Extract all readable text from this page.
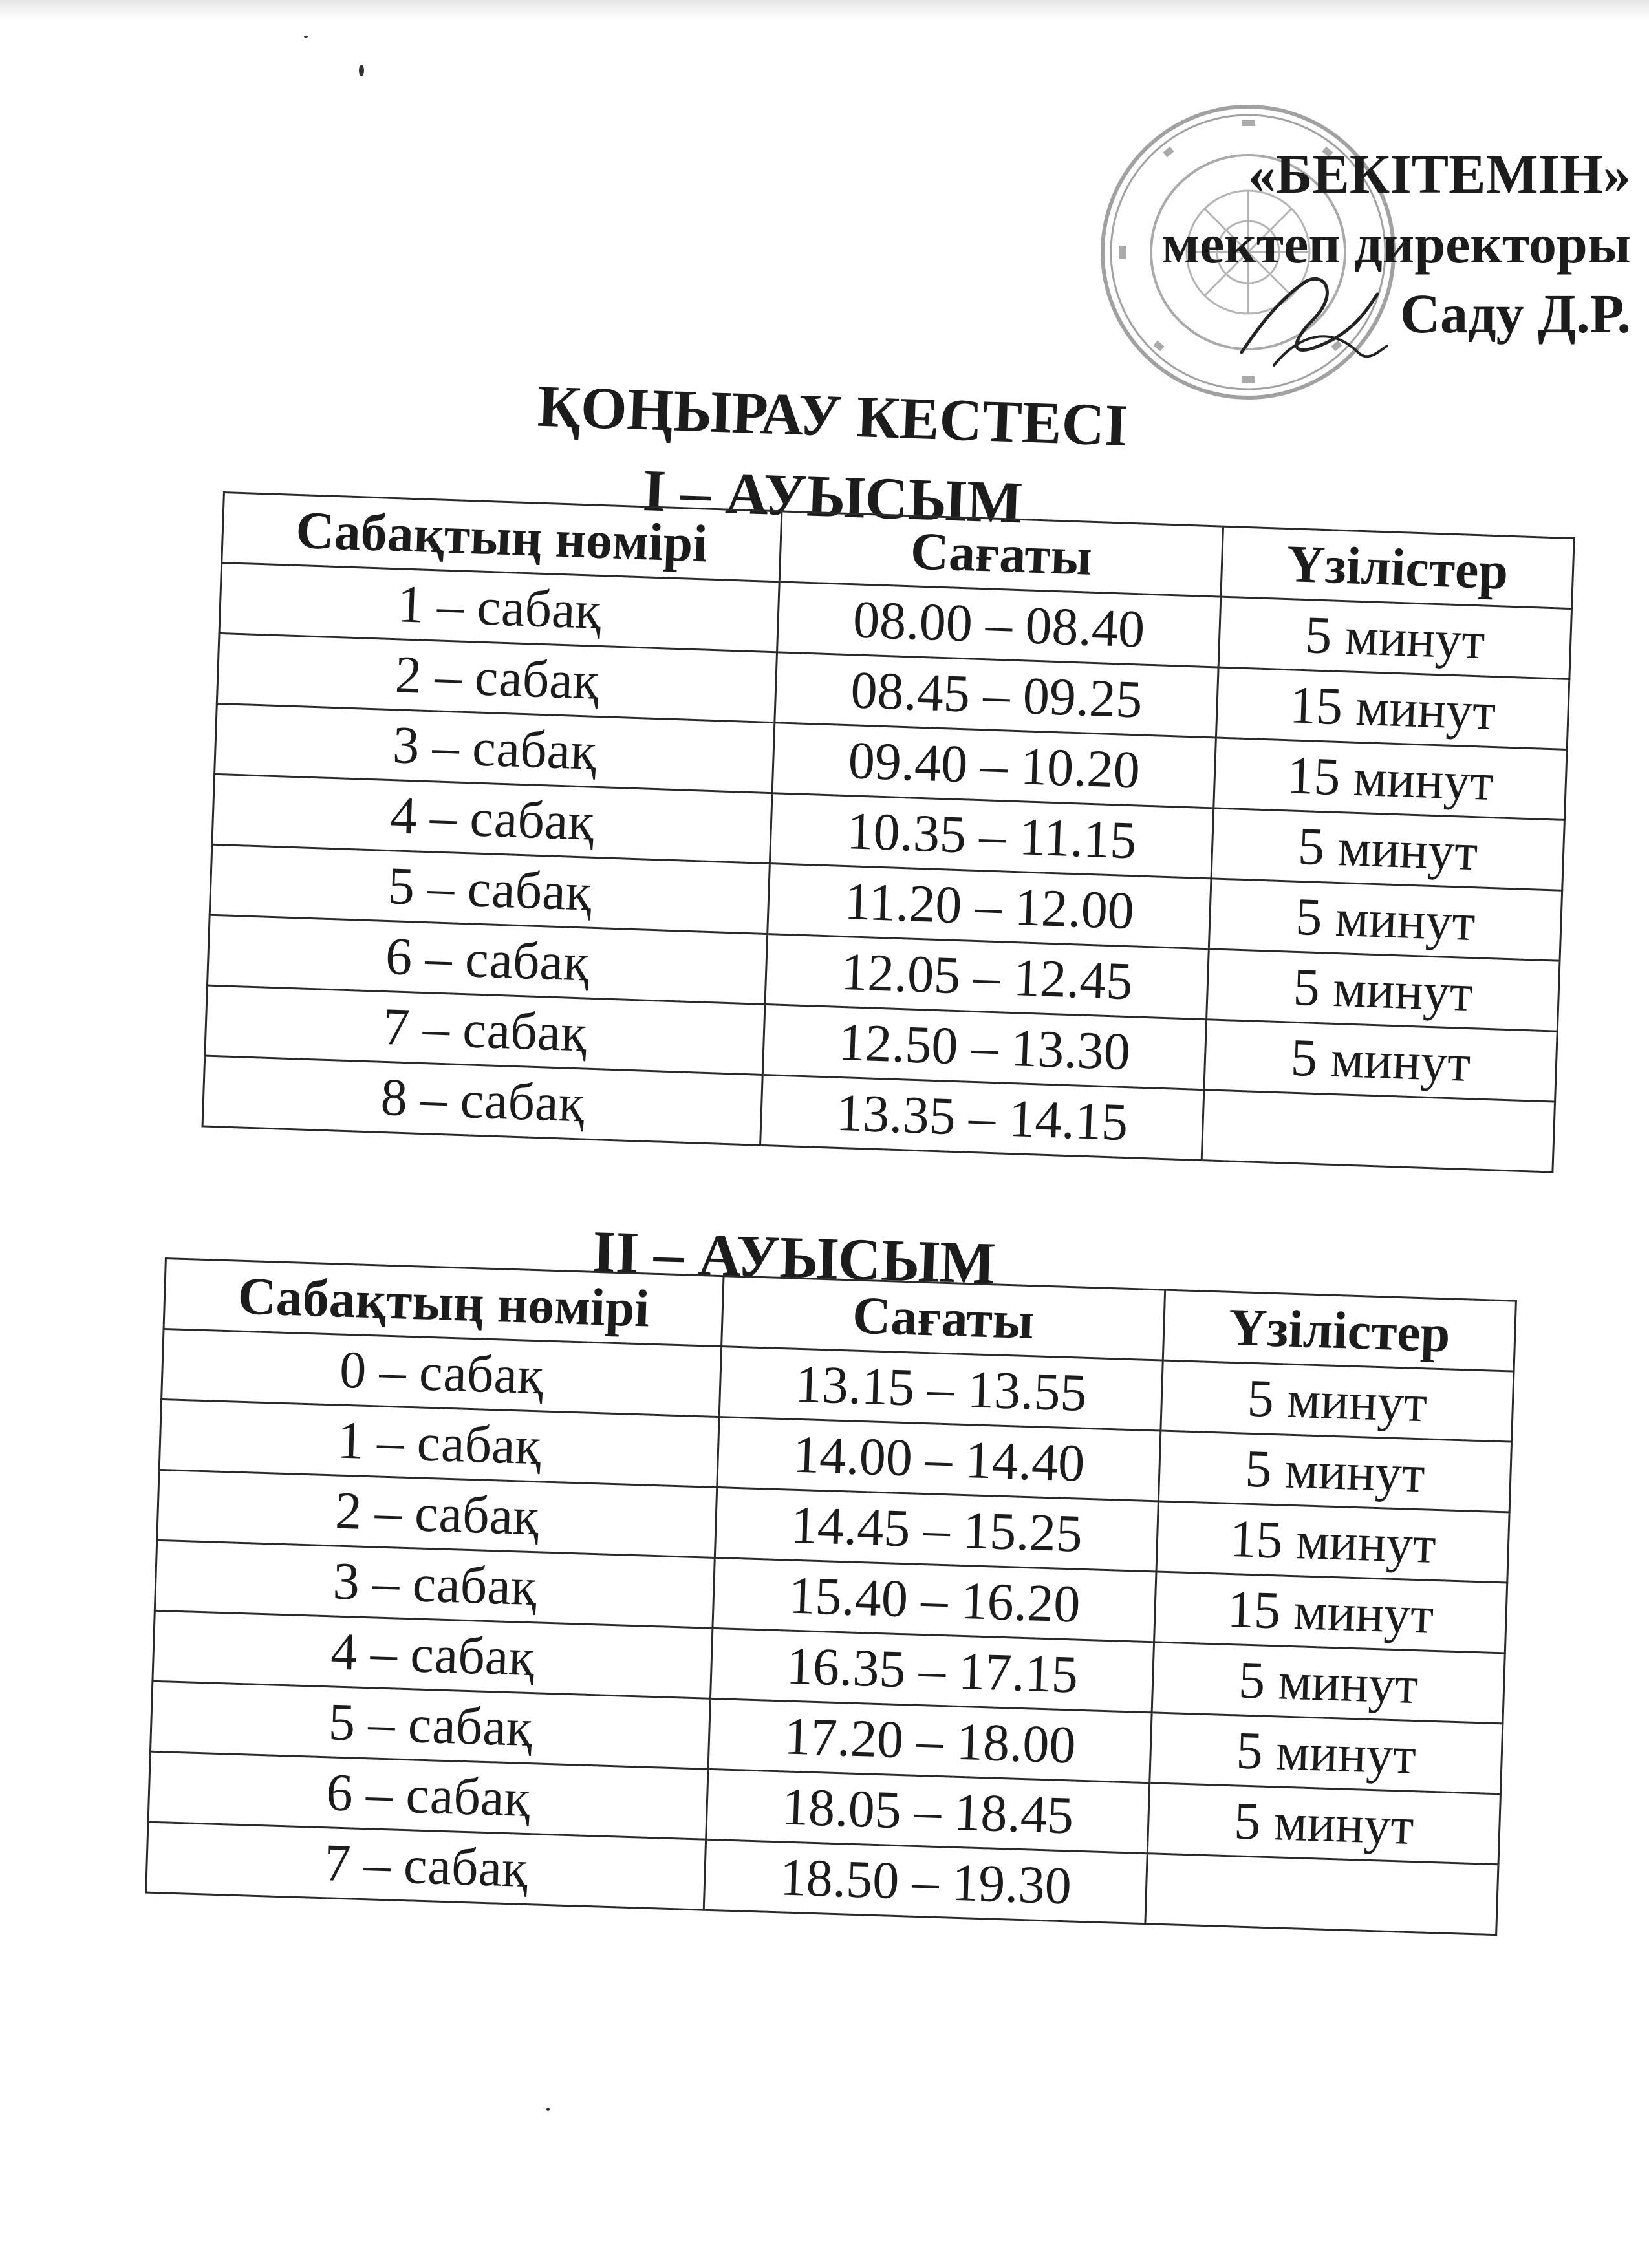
«БЕКІТЕМІН»
мектеп директоры
Саду Д.Р.
ҚОҢЫРАУ КЕСТЕСІ
І – АУЫСЫМ
Сабақтың нөмірі	Сағаты	Үзілістер
1 – сабақ	08.00 – 08.40	5 минут
2 – сабақ	08.45 – 09.25	15 минут
3 – сабақ	09.40 – 10.20	15 минут
4 – сабақ	10.35 – 11.15	5 минут
5 – сабақ	11.20 – 12.00	5 минут
6 – сабақ	12.05 – 12.45	5 минут
7 – сабақ	12.50 – 13.30	5 минут
8 – сабақ	13.35 – 14.15	
ІІ – АУЫСЫМ
Сабақтың нөмірі	Сағаты	Үзілістер
0 – сабақ	13.15 – 13.55	5 минут
1 – сабақ	14.00 – 14.40	5 минут
2 – сабақ	14.45 – 15.25	15 минут
3 – сабақ	15.40 – 16.20	15 минут
4 – сабақ	16.35 – 17.15	5 минут
5 – сабақ	17.20 – 18.00	5 минут
6 – сабақ	18.05 – 18.45	5 минут
7 – сабақ	18.50 – 19.30	
